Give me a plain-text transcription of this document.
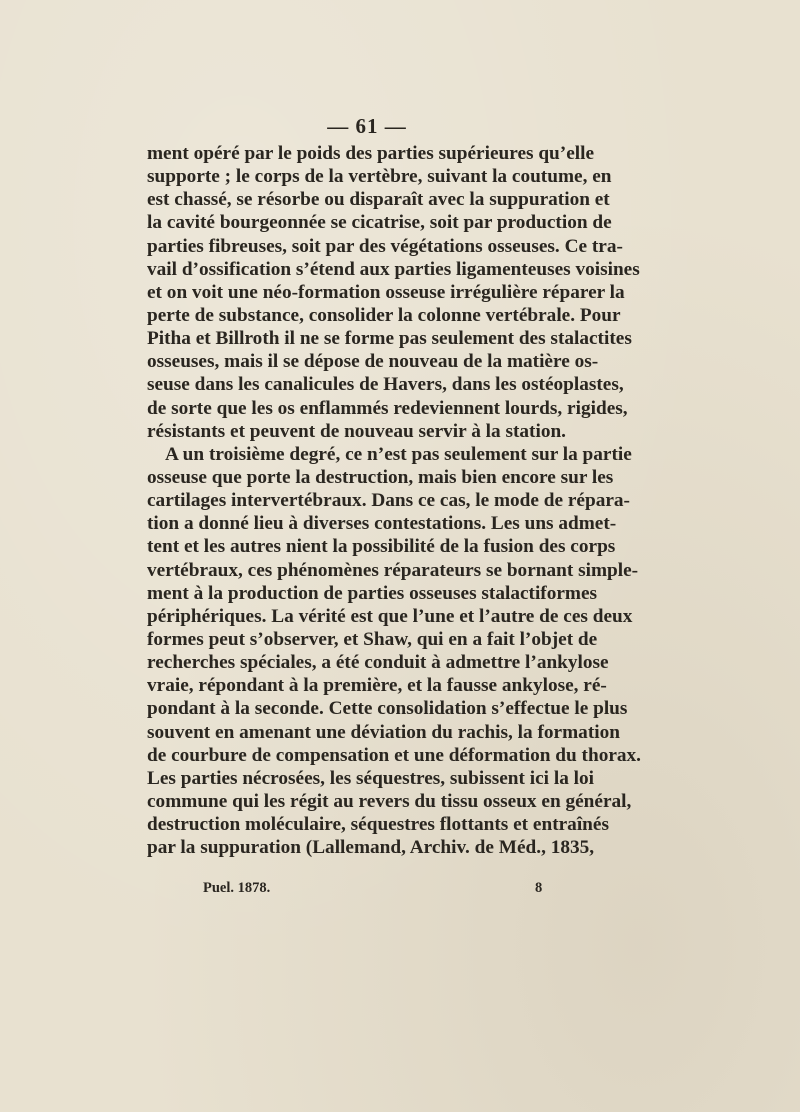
— 61 —
ment opéré par le poids des parties supérieures qu’elle
supporte ; le corps de la vertèbre, suivant la coutume, en
est chassé, se résorbe ou disparaît avec la suppuration et
la cavité bourgeonnée se cicatrise, soit par production de
parties fibreuses, soit par des végétations osseuses. Ce tra-
vail d’ossification s’étend aux parties ligamenteuses voisines
et on voit une néo-formation osseuse irrégulière réparer la
perte de substance, consolider la colonne vertébrale. Pour
Pitha et Billroth il ne se forme pas seulement des stalactites
osseuses, mais il se dépose de nouveau de la matière os-
seuse dans les canalicules de Havers, dans les ostéoplastes,
de sorte que les os enflammés redeviennent lourds, rigides,
résistants et peuvent de nouveau servir à la station.
A un troisième degré, ce n’est pas seulement sur la partie
osseuse que porte la destruction, mais bien encore sur les
cartilages intervertébraux. Dans ce cas, le mode de répara-
tion a donné lieu à diverses contestations. Les uns admet-
tent et les autres nient la possibilité de la fusion des corps
vertébraux, ces phénomènes réparateurs se bornant simple-
ment à la production de parties osseuses stalactiformes
périphériques. La vérité est que l’une et l’autre de ces deux
formes peut s’observer, et Shaw, qui en a fait l’objet de
recherches spéciales, a été conduit à admettre l’ankylose
vraie, répondant à la première, et la fausse ankylose, ré-
pondant à la seconde. Cette consolidation s’effectue le plus
souvent en amenant une déviation du rachis, la formation
de courbure de compensation et une déformation du thorax.
Les parties nécrosées, les séquestres, subissent ici la loi
commune qui les régit au revers du tissu osseux en général,
destruction moléculaire, séquestres flottants et entraînés
par la suppuration (Lallemand, Archiv. de Méd., 1835,
Puel. 1878.	8
